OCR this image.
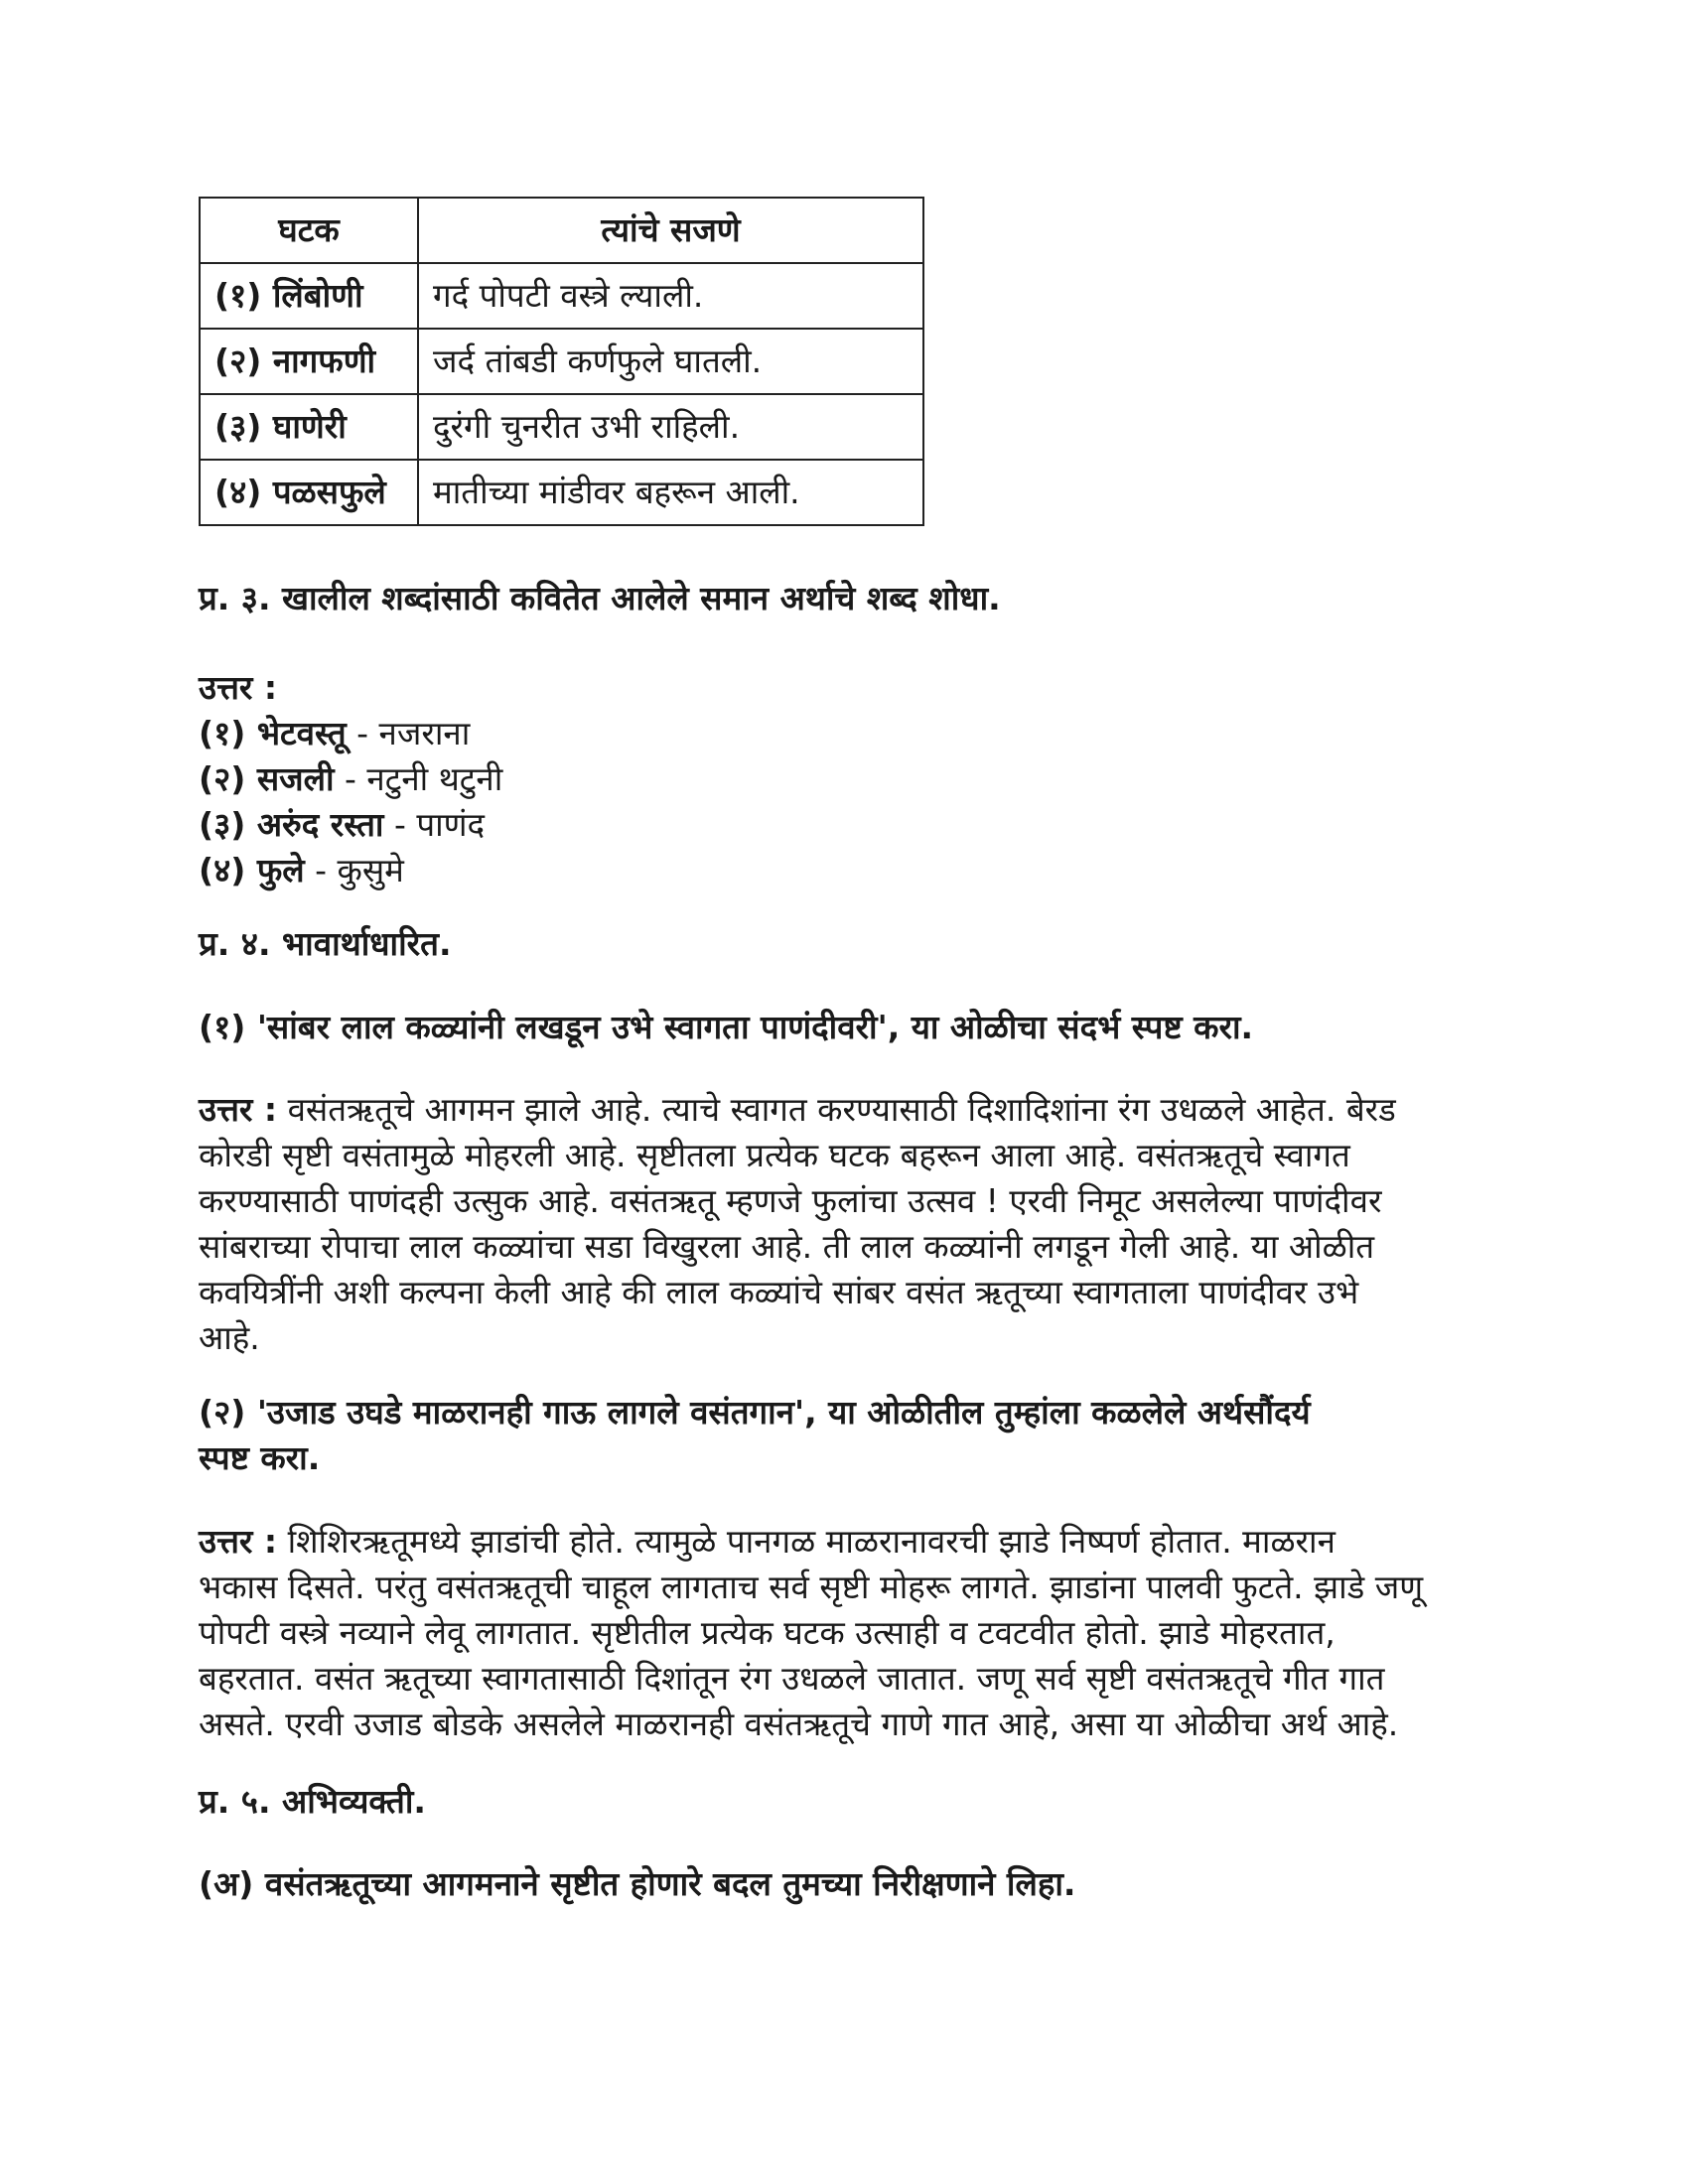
घटक	त्यांचे सजणे
(१) लिंबोणी	गर्द पोपटी वस्त्रे ल्याली.
(२) नागफणी	जर्द तांबडी कर्णफुले घातली.
(३) घाणेरी	दुरंगी चुनरीत उभी राहिली.
(४) पळसफुले	मातीच्या मांडीवर बहरून आली.
प्र. ३. खालील शब्दांसाठी कवितेत आलेले समान अर्थाचे शब्द शोधा.
उत्तर :
(१) भेटवस्तू - नजराना
(२) सजली - नटुनी थटुनी
(३) अरुंद रस्ता - पाणंद
(४) फुले - कुसुमे
प्र. ४. भावार्थाधारित.
(१) 'सांबर लाल कळ्यांनी लखडून उभे स्वागता पाणंदीवरी', या ओळीचा संदर्भ स्पष्ट करा.
उत्तर : वसंतऋतूचे आगमन झाले आहे. त्याचे स्वागत करण्यासाठी दिशादिशांना रंग उधळले आहेत. बेरड
कोरडी सृष्टी वसंतामुळे मोहरली आहे. सृष्टीतला प्रत्येक घटक बहरून आला आहे. वसंतऋतूचे स्वागत
करण्यासाठी पाणंदही उत्सुक आहे. वसंतऋतू म्हणजे फुलांचा उत्सव ! एरवी निमूट असलेल्या पाणंदीवर
सांबराच्या रोपाचा लाल कळ्यांचा सडा विखुरला आहे. ती लाल कळ्यांनी लगडून गेली आहे. या ओळीत
कवयित्रींनी अशी कल्पना केली आहे की लाल कळ्यांचे सांबर वसंत ऋतूच्या स्वागताला पाणंदीवर उभे
आहे.
(२) 'उजाड उघडे माळरानही गाऊ लागले वसंतगान', या ओळीतील तुम्हांला कळलेले अर्थसौंदर्य
स्पष्ट करा.
उत्तर : शिशिरऋतूमध्ये झाडांची होते. त्यामुळे पानगळ माळरानावरची झाडे निष्पर्ण होतात. माळरान
भकास दिसते. परंतु वसंतऋतूची चाहूल लागताच सर्व सृष्टी मोहरू लागते. झाडांना पालवी फुटते. झाडे जणू
पोपटी वस्त्रे नव्याने लेवू लागतात. सृष्टीतील प्रत्येक घटक उत्साही व टवटवीत होतो. झाडे मोहरतात,
बहरतात. वसंत ऋतूच्या स्वागतासाठी दिशांतून रंग उधळले जातात. जणू सर्व सृष्टी वसंतऋतूचे गीत गात
असते. एरवी उजाड बोडके असलेले माळरानही वसंतऋतूचे गाणे गात आहे, असा या ओळीचा अर्थ आहे.
प्र. ५. अभिव्यक्ती.
(अ) वसंतऋतूच्या आगमनाने सृष्टीत होणारे बदल तुमच्या निरीक्षणाने लिहा.
